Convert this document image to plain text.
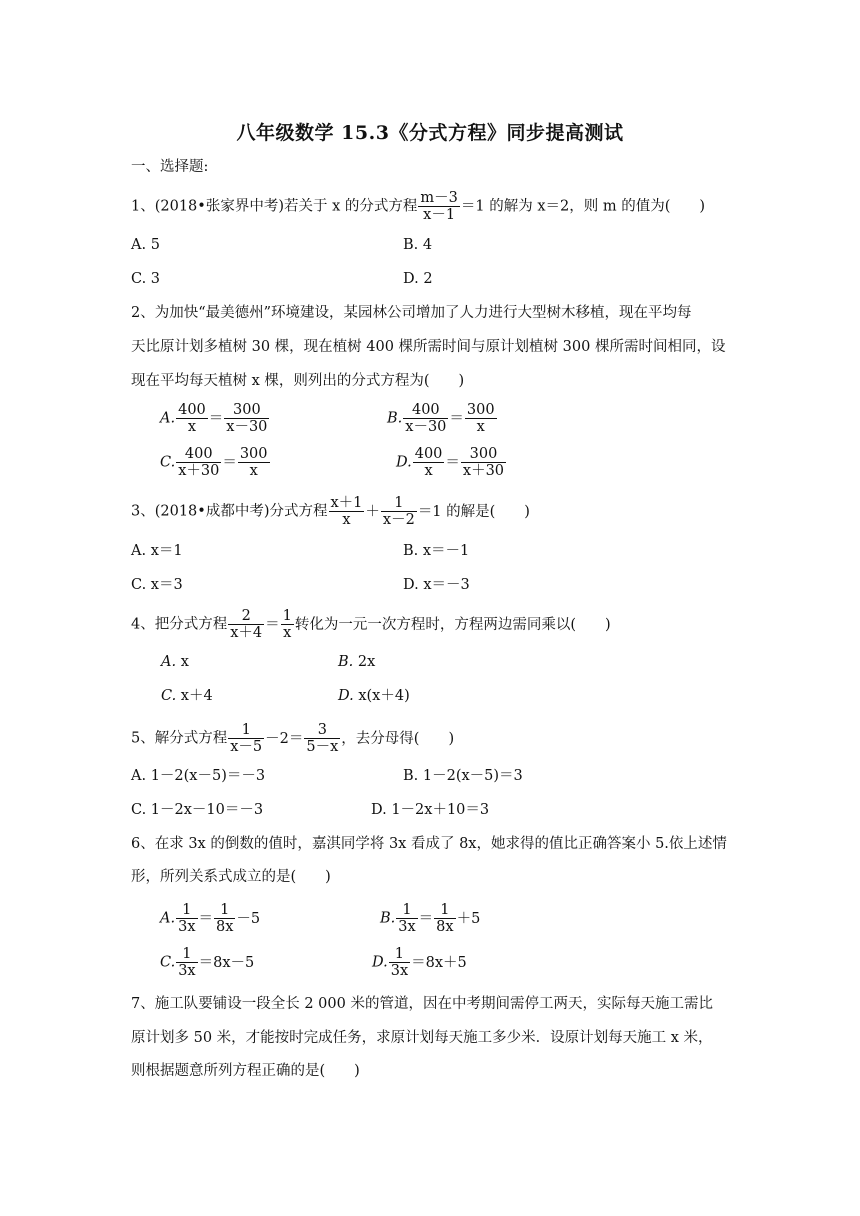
八年级数学 15.3《分式方程》同步提高测试
一、选择题:
1、(2018•张家界中考)若关于 x 的分式方程 $\frac{m-3}{x-1} =1$ 的解为 x＝2，则 m 的值为(　　)
A. 5	B. 4
C. 3	D. 2
2、为加快“最美德州”环境建设，某园林公司增加了人力进行大型树木移植，现在平均每
天比原计划多植树 30 棵，现在植树 400 棵所需时间与原计划植树 300 棵所需时间相同，设
现在平均每天植树 x 棵，则列出的分式方程为(　　)
A. $\frac{400}{x} = \frac{300}{x-30}$	B. $\frac{400}{x-30} = \frac{300}{x}$
C. $\frac{400}{x+30} = \frac{300}{x}$	D. $\frac{400}{x} = \frac{300}{x+30}$
3、(2018•成都中考)分式方程 $\frac{x+1}{x} + \frac{1}{x-2} =1$ 的解是(　　)
A. x＝1	B. x＝－1
C. x＝3	D. x＝－3
4、把分式方程 $\frac{2}{x+4} = \frac{1}{x}$ 转化为一元一次方程时，方程两边需同乘以(　　)
A. x	B. 2x
C. x＋4	D. x(x＋4)
5、解分式方程 $\frac{1}{x-5} -2= \frac{3}{5-x}$ ，去分母得(　　)
A. 1－2(x－5)＝－3	B. 1－2(x－5)＝3
C. 1－2x－10＝－3	D. 1－2x＋10＝3
6、在求 3x 的倒数的值时，嘉淇同学将 3x 看成了 8x，她求得的值比正确答案小 5.依上述情
形，所列关系式成立的是(　　)
A. $\frac{1}{3x} = \frac{1}{8x} -5$	B. $\frac{1}{3x} = \frac{1}{8x} +5$
C. $\frac{1}{3x} =8x-5$	D. $\frac{1}{3x} =8x+5$
7、施工队要铺设一段全长 2 000 米的管道，因在中考期间需停工两天，实际每天施工需比
原计划多 50 米，才能按时完成任务，求原计划每天施工多少米．设原计划每天施工 x 米，
则根据题意所列方程正确的是(　　)
